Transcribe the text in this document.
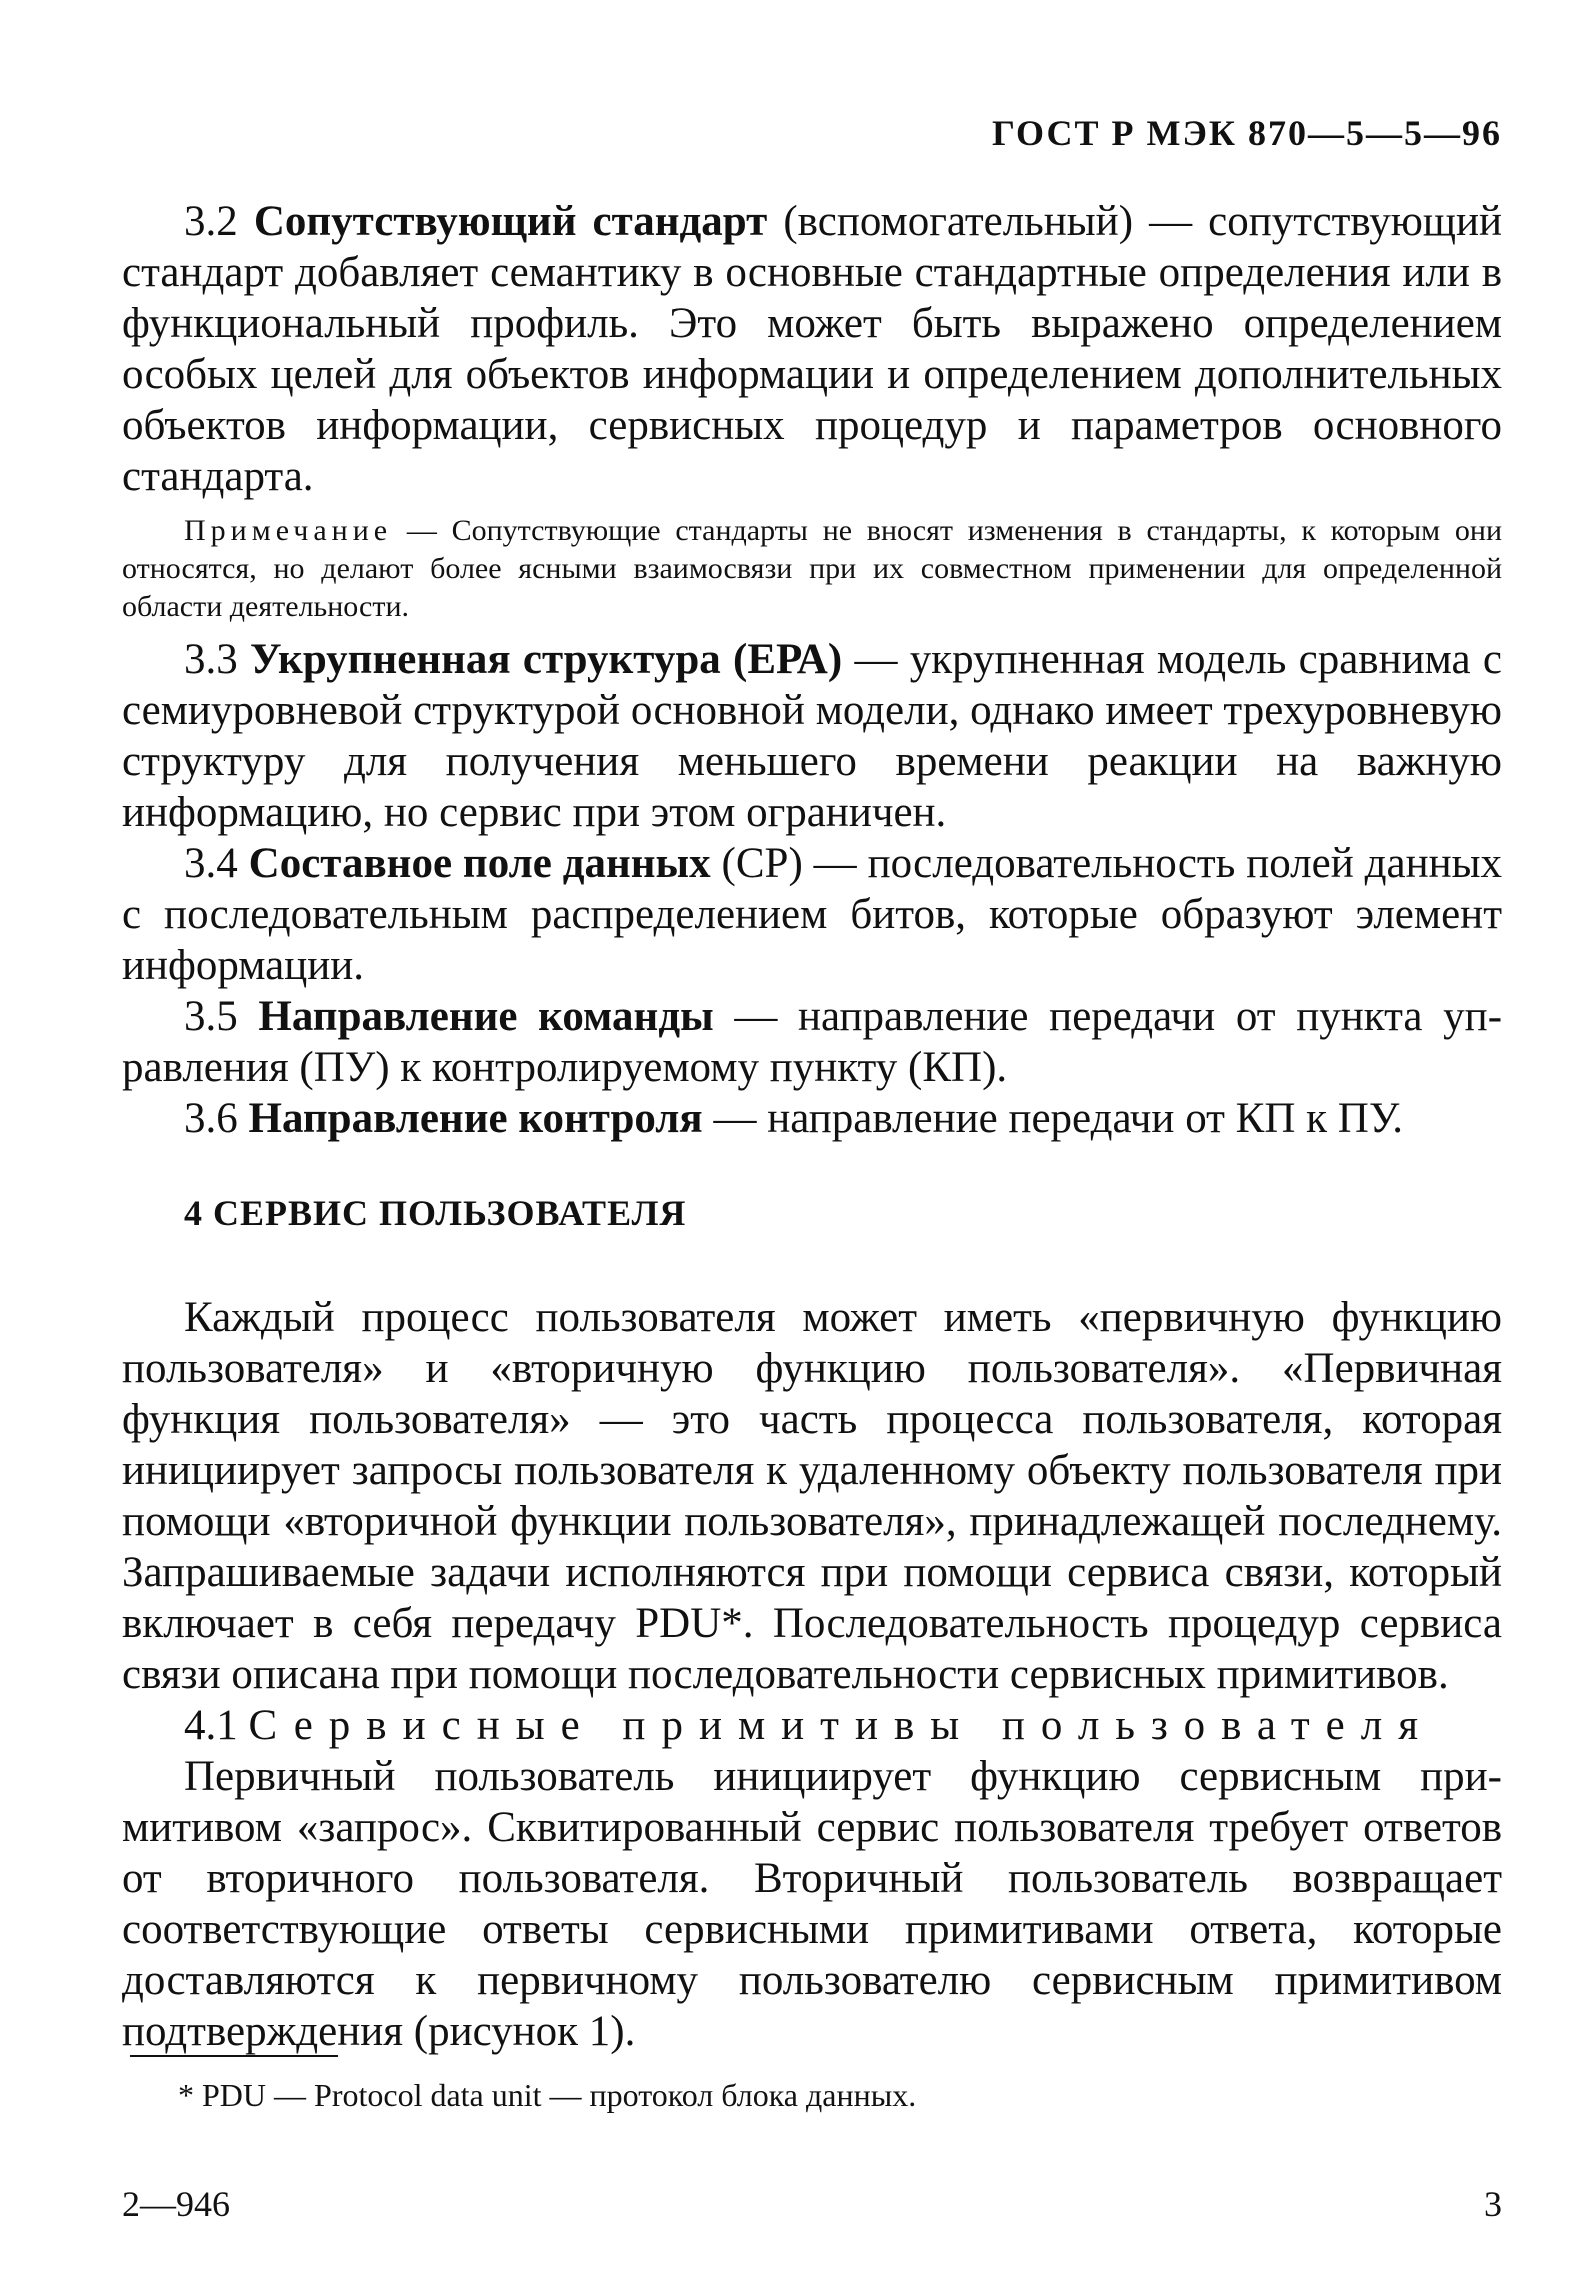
ГОСТ Р МЭК 870—5—5—96

3.2 Сопутствующий стандарт (вспомогательный) — сопутствующий стандарт добавляет семантику в основные стандартные определения или в функциональный профиль. Это может быть выражено определением особых целей для объектов информации и определением дополнительных объектов информации, сервисных процедур и параметров основного стандарта.

Примечание — Сопутствующие стандарты не вносят изменения в стандарты, к которым они относятся, но делают более ясными взаимосвязи при их совместном применении для определенной области деятельности.

3.3 Укрупненная структура (ЕРА) — укрупненная модель сравнима с семиуровневой структурой основной модели, однако имеет трехуровневую структуру для получения меньшего времени реакции на важную информацию, но сервис при этом ограничен.

3.4 Составное поле данных (СР) — последовательность полей данных с последовательным распределением битов, которые образуют элемент информации.

3.5 Направление команды — направление передачи от пункта управления (ПУ) к контролируемому пункту (КП).

3.6 Направление контроля — направление передачи от КП к ПУ.

4 СЕРВИС ПОЛЬЗОВАТЕЛЯ

Каждый процесс пользователя может иметь «первичную функцию пользователя» и «вторичную функцию пользователя». «Первичная функция пользователя» — это часть процесса пользователя, которая инициирует запросы пользователя к удаленному объекту пользователя при помощи «вторичной функции пользователя», принадлежащей последнему. Запрашиваемые задачи исполняются при помощи сервиса связи, который включает в себя передачу PDU*. Последовательность процедур сервиса связи описана при помощи последовательности сервисных примитивов.

4.1 Сервисные примитивы пользователя

Первичный пользователь инициирует функцию сервисным примитивом «запрос». Сквитированный сервис пользователя требует ответов от вторичного пользователя. Вторичный пользователь возвращает соответствующие ответы сервисными примитивами ответа, которые доставляются к первичному пользователю сервисным примитивом подтверждения (рисунок 1).

* PDU — Protocol data unit — протокол блока данных.
2—946	3
